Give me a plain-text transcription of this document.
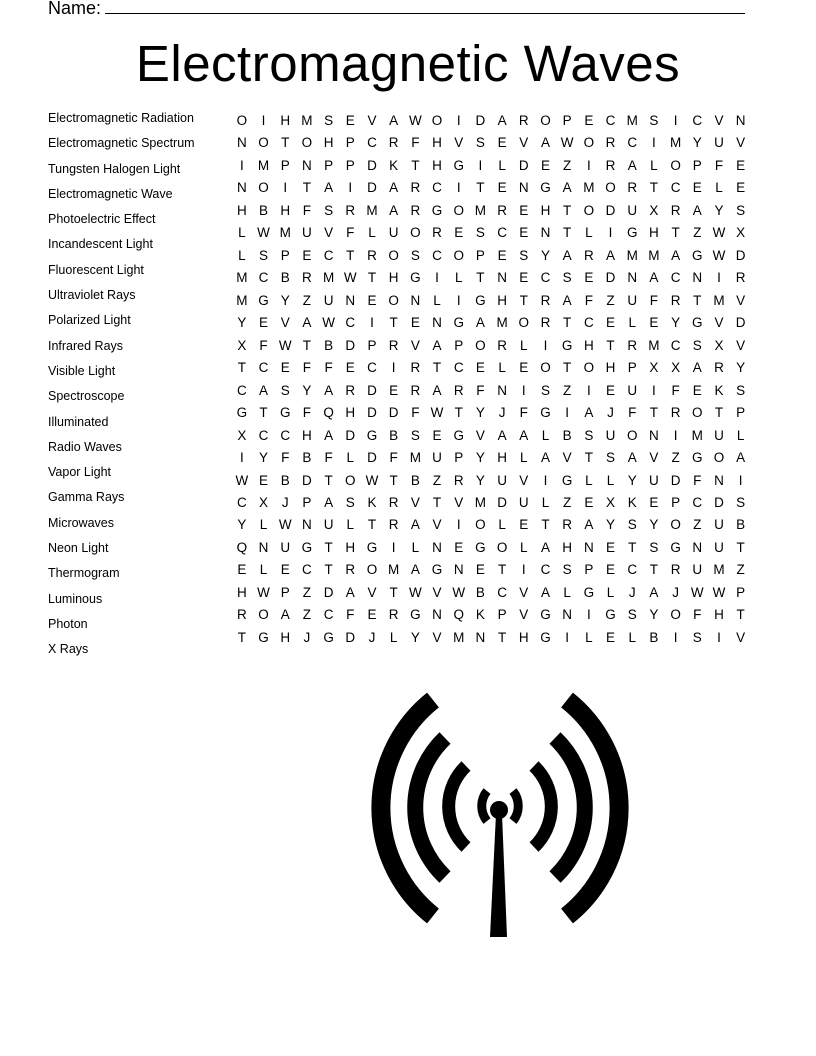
Name:
Electromagnetic Waves
Electromagnetic Radiation
Electromagnetic Spectrum
Tungsten Halogen Light
Electromagnetic Wave
Photoelectric Effect
Incandescent Light
Fluorescent Light
Ultraviolet Rays
Polarized Light
Infrared Rays
Visible Light
Spectroscope
Illuminated
Radio Waves
Vapor Light
Gamma Rays
Microwaves
Neon Light
Thermogram
Luminous
Photon
X Rays
O	I	H M S E V A W O	I	D A R O P E C M S	I	C V N
N O T O H P C R F H V S E V A W O R C	I	M Y U V
I	M P N P P D K T H G	I	L D E Z	I	R A L O P F E
N O	I	T A	I	D A R C	I	T E N G A M O R T C E L E
H B H F S R M A R G O M R E H T O D U X R A Y S
L W M U V F	L U O R E S C E N T	L	I	G H T Z W X
L S P E C T R O S C O P E S Y A R A M M A G W D
M C B R M W T H G	I	L	T N E C S E D N A C N	I	R
M G Y Z U N E O N L	I	G H T R A F Z U F R T M V
Y E V A W C	I	T E N G A M O R T C E L E Y G V D
X F W T B D P R V A P O R L	I	G H T R M C S X V
T C E F F E C	I	R T C E L E O T O H P X X A R Y
C A S Y A R D E R A R F N	I	S Z	I	E U	I	F E K S
G T G F Q H D D F W T Y	J	F G	I	A	J	F T R O T P
X C C H A D G B S E G V A A L B S U O N	I	M U L
I	Y F B F	L D F M U P Y H L A V T S A V Z G O A
W E B D T O W T B Z R Y U V	I	G L	L Y U D F N	I
C X	J	P A S K R V T V M D U L	Z E X K E P C D S
Y L W N U L	T R A V	I	O L E T R A Y S Y O Z U B
Q N U G T H G	I	L N E G O L A H N E T S G N U T
E L E C T R O M A G N E T	I	C S P E C T R U M Z
H W P Z D A V T W V W B C V A L G L	J	A	J W W P
R O A Z C F E R G N Q K P V G N	I	G S Y O F H T
T G H J G D J	L Y V M N T H G	I	L E L B	I	S	I	V
